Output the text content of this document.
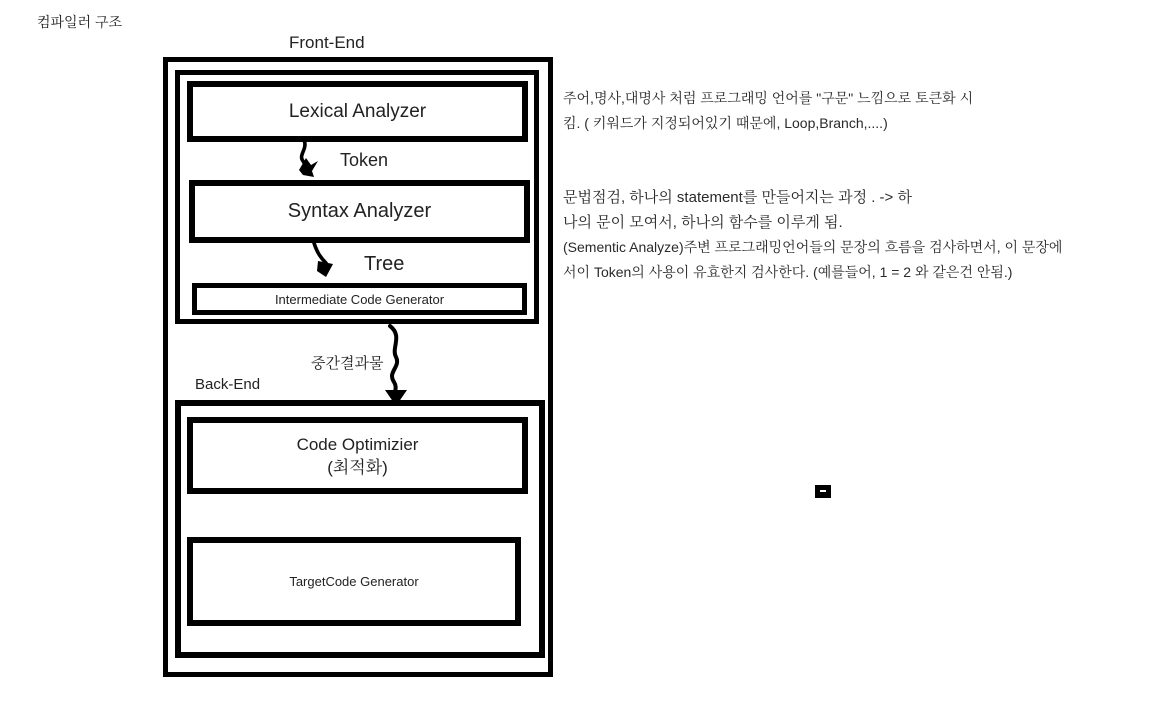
컴파일러 구조
Front-End
Back-End
Lexical Analyzer
Syntax Analyzer
Intermediate Code Generator
Code Optimizier
(최적화)
TargetCode Generator
Token
Tree
중간결과물
주어,명사,대명사 처럼 프로그래밍 언어를 "구문" 느낌으로 토큰화 시
킴. ( 키워드가 지정되어있기 때문에, Loop,Branch,....)
문법점검, 하나의 statement를 만들어지는 과정 . -> 하
나의 문이 모여서, 하나의 함수를 이루게 됨.
(Sementic Analyze)주변 프로그래밍언어들의 문장의 흐름을 검사하면서, 이 문장에
서이 Token의 사용이 유효한지 검사한다. (예를들어, 1 = 2 와 같은건 안됨.)
